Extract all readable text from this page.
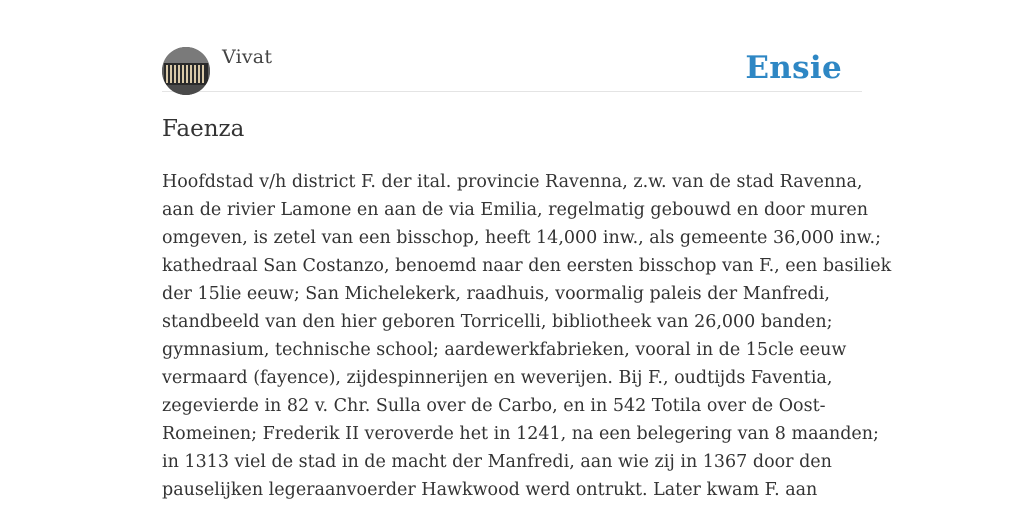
Vivat	Ensie
Faenza

Hoofdstad v/h district F. der ital. provincie Ravenna, z.w. van de stad Ravenna,
aan de rivier Lamone en aan de via Emilia, regelmatig gebouwd en door muren
omgeven, is zetel van een bisschop, heeft 14,000 inw., als gemeente 36,000 inw.;
kathedraal San Costanzo, benoemd naar den eersten bisschop van F., een basiliek
der 15lie eeuw; San Michelekerk, raadhuis, voormalig paleis der Manfredi,
standbeeld van den hier geboren Torricelli, bibliotheek van 26,000 banden;
gymnasium, technische school; aardewerkfabrieken, vooral in de 15cle eeuw
vermaard (fayence), zijdespinnerijen en weverijen. Bij F., oudtijds Faventia,
zegevierde in 82 v. Chr. Sulla over de Carbo, en in 542 Totila over de Oost-
Romeinen; Frederik II veroverde het in 1241, na een belegering van 8 maanden;
in 1313 viel de stad in de macht der Manfredi, aan wie zij in 1367 door den
pauselijken legeraanvoerder Hawkwood werd ontrukt. Later kwam F. aan
